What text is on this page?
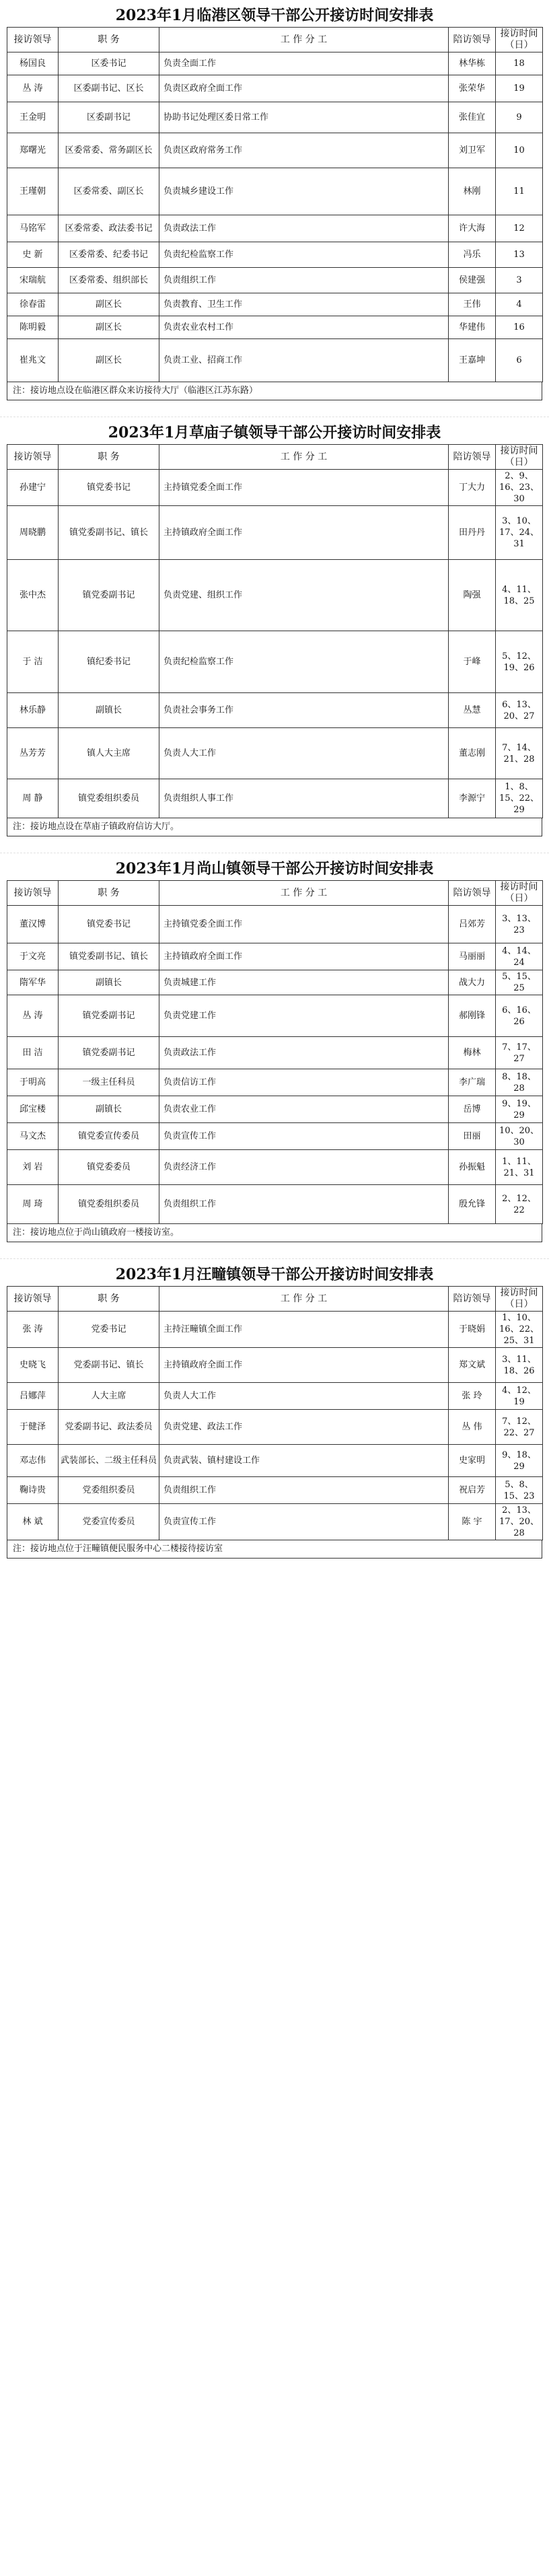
2023年1月临港区领导干部公开接访时间安排表
接访领导	职 务	工 作 分 工	陪访领导	接访时间（日）
杨国良	区委书记	负责全面工作	林华栋	18
丛 涛	区委副书记、区长	负责区政府全面工作	张荣华	19
王金明	区委副书记	协助书记处理区委日常工作	张佳宜	9
郑曙光	区委常委、常务副区长	负责区政府常务工作	刘卫军	10
王瑾朝	区委常委、副区长	负责城乡建设工作	林刚	11
马铭军	区委常委、政法委书记	负责政法工作	许大海	12
史 新	区委常委、纪委书记	负责纪检监察工作	冯乐	13
宋瑞航	区委常委、组织部长	负责组织工作	侯建强	3
徐春雷	副区长	负责教育、卫生工作	王伟	4
陈明毅	副区长	负责农业农村工作	华建伟	16
崔兆文	副区长	负责工业、招商工作	王嘉坤	6
注：接访地点设在临港区群众来访接待大厅（临港区江苏东路）
2023年1月草庙子镇领导干部公开接访时间安排表
接访领导	职 务	工 作 分 工	陪访领导	接访时间（日）
孙建宁	镇党委书记	主持镇党委全面工作	丁大力	2、9、16、23、30
周晓鹏	镇党委副书记、镇长	主持镇政府全面工作	田丹丹	3、10、17、24、31
张中杰	镇党委副书记	负责党建、组织工作	陶强	4、11、18、25
于 洁	镇纪委书记	负责纪检监察工作	于峰	5、12、19、26
林乐静	副镇长	负责社会事务工作	丛慧	6、13、20、27
丛芳芳	镇人大主席	负责人大工作	董志刚	7、14、21、28
周 静	镇党委组织委员	负责组织人事工作	李源宁	1、8、15、22、29
注：接访地点设在草庙子镇政府信访大厅。
2023年1月尚山镇领导干部公开接访时间安排表
接访领导	职 务	工 作 分 工	陪访领导	接访时间（日）
董汉博	镇党委书记	主持镇党委全面工作	吕郊芳	3、13、23
于文亮	镇党委副书记、镇长	主持镇政府全面工作	马丽丽	4、14、24
隋军华	副镇长	负责城建工作	战大力	5、15、25
丛 涛	镇党委副书记	负责党建工作	郝刚锋	6、16、26
田 洁	镇党委副书记	负责政法工作	梅林	7、17、27
于明高	一级主任科员	负责信访工作	李广瑞	8、18、28
邱宝楼	副镇长	负责农业工作	岳博	9、19、29
马文杰	镇党委宣传委员	负责宣传工作	田丽	10、20、30
刘 岩	镇党委委员	负责经济工作	孙振魁	1、11、21、31
周 琦	镇党委组织委员	负责组织工作	殷允锋	2、12、22
注：接访地点位于尚山镇政府一楼接访室。
2023年1月汪疃镇领导干部公开接访时间安排表
接访领导	职 务	工 作 分 工	陪访领导	接访时间（日）
张 涛	党委书记	主持汪疃镇全面工作	于晓娟	1、10、16、22、25、31
史晓飞	党委副书记、镇长	主持镇政府全面工作	郑文斌	3、11、18、26
吕娜萍	人大主席	负责人大工作	张 玲	4、12、19
于健泽	党委副书记、政法委员	负责党建、政法工作	丛 伟	7、12、22、27
邓志伟	武装部长、二级主任科员	负责武装、镇村建设工作	史家明	9、18、29
鞠诗贵	党委组织委员	负责组织工作	祝启芳	5、8、15、23
林 斌	党委宣传委员	负责宣传工作	陈 宇	2、13、17、20、28
注：接访地点位于汪疃镇便民服务中心二楼接待接访室
